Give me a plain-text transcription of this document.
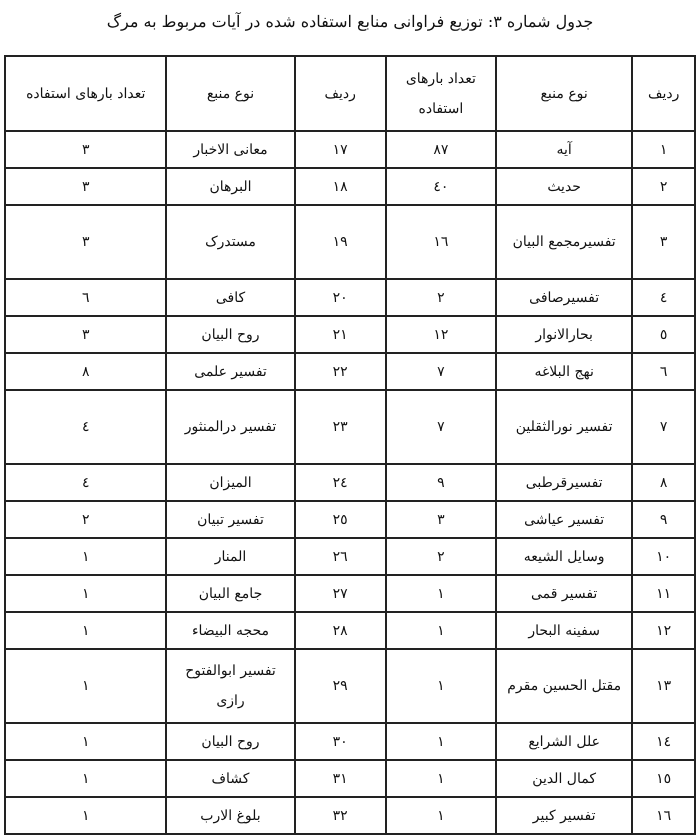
جدول شماره ۳: توزیع فراوانی منابع استفاده شده در آیات مربوط به مرگ
ردیف	نوع منبع	تعداد بارهای استفاده	ردیف	نوع منبع	تعداد بارهای استفاده
۱	آیه	۸۷	۱۷	معانی الاخبار	۳
۲	حدیث	٤٠	۱۸	البرهان	۳
۳	تفسیرمجمع البیان	۱٦	۱۹	مستدرک	۳
٤	تفسیرصافی	۲	۲۰	کافی	٦
٥	بحارالانوار	۱۲	۲۱	روح البیان	۳
٦	نهج البلاغه	۷	۲۲	تفسیر علمی	۸
۷	تفسیر نورالثقلین	۷	۲۳	تفسیر درالمنثور	٤
۸	تفسیرقرطبی	۹	۲٤	المیزان	٤
۹	تفسیر عیاشی	۳	۲٥	تفسیر تبیان	۲
۱۰	وسایل الشیعه	۲	۲٦	المنار	۱
۱۱	تفسیر قمی	۱	۲۷	جامع البیان	۱
۱۲	سفینه البحار	۱	۲۸	محجه البیضاء	۱
۱۳	مقتل الحسین مقرم	۱	۲۹	تفسیر ابوالفتوح رازی	۱
۱٤	علل الشرایع	۱	۳۰	روح البیان	۱
۱٥	کمال الدین	۱	۳۱	کشاف	۱
۱٦	تفسیر کبیر	۱	۳۲	بلوغ الارب	۱
